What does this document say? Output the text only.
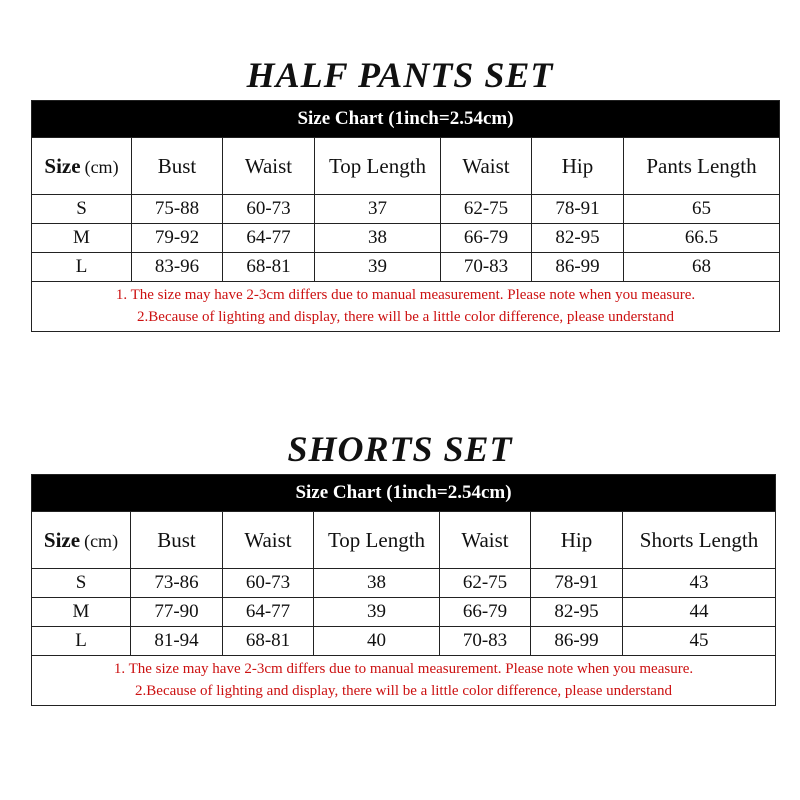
HALF PANTS SET
Size Chart (1inch=2.54cm)						
Size (cm)	Bust	Waist	Top Length	Waist	Hip	Pants Length
S	75-88	60-73	37	62-75	78-91	65
M	79-92	64-77	38	66-79	82-95	66.5
L	83-96	68-81	39	70-83	86-99	68

1. The size may have 2-3cm differs due to manual measurement. Please note when you measure.
2.Because of lighting and display, there will be a little color difference, please understand						
SHORTS SET
Size Chart (1inch=2.54cm)						
Size (cm)	Bust	Waist	Top Length	Waist	Hip	Shorts Length
S	73-86	60-73	38	62-75	78-91	43
M	77-90	64-77	39	66-79	82-95	44
L	81-94	68-81	40	70-83	86-99	45

1. The size may have 2-3cm differs due to manual measurement. Please note when you measure.
2.Because of lighting and display, there will be a little color difference, please understand						
